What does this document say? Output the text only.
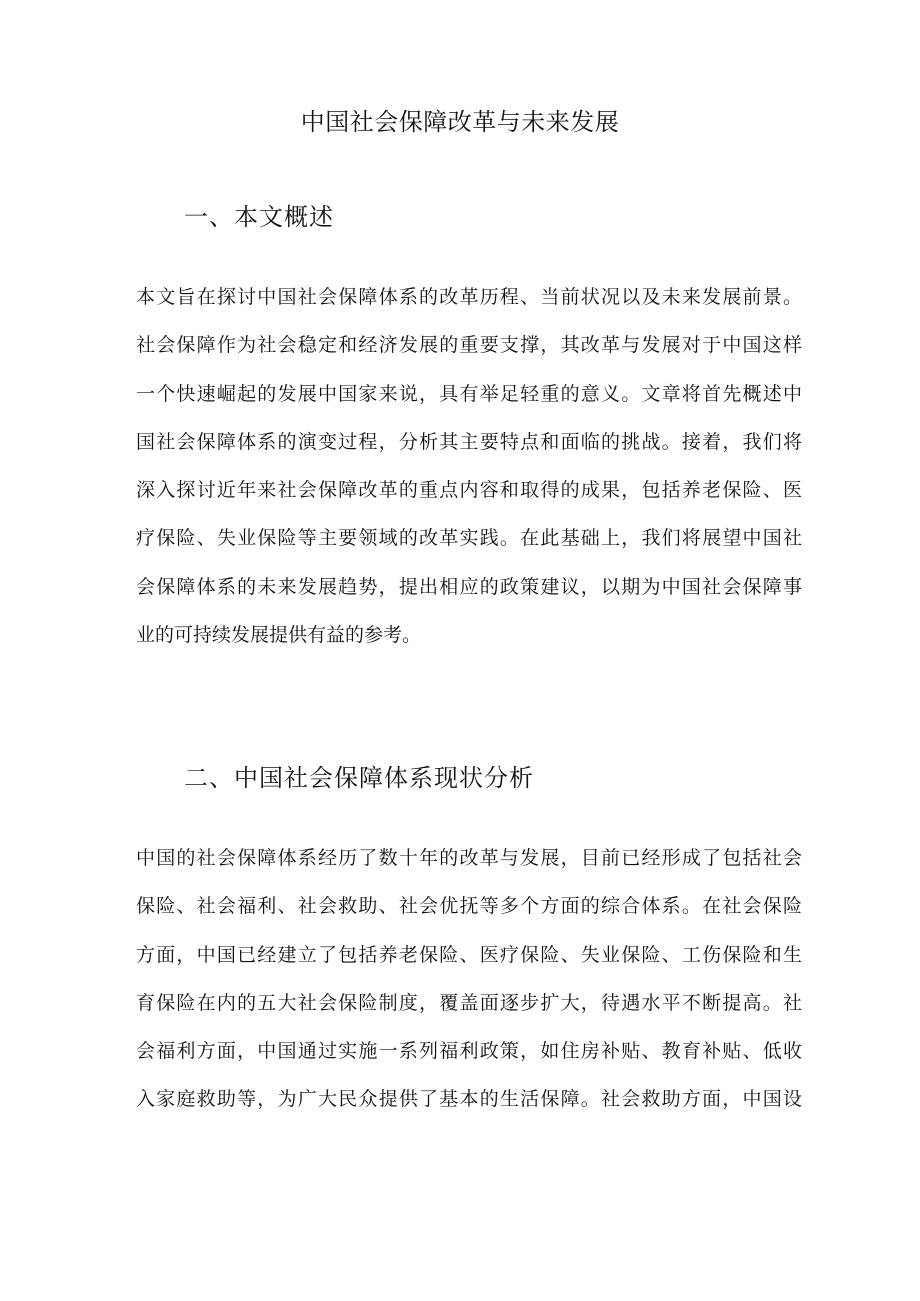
中国社会保障改革与未来发展
一、本文概述
本文旨在探讨中国社会保障体系的改革历程、当前状况以及未来发展前景。
社会保障作为社会稳定和经济发展的重要支撑，其改革与发展对于中国这样
一个快速崛起的发展中国家来说，具有举足轻重的意义。文章将首先概述中
国社会保障体系的演变过程，分析其主要特点和面临的挑战。接着，我们将
深入探讨近年来社会保障改革的重点内容和取得的成果，包括养老保险、医
疗保险、失业保险等主要领域的改革实践。在此基础上，我们将展望中国社
会保障体系的未来发展趋势，提出相应的政策建议，以期为中国社会保障事
业的可持续发展提供有益的参考。
二、中国社会保障体系现状分析
中国的社会保障体系经历了数十年的改革与发展，目前已经形成了包括社会
保险、社会福利、社会救助、社会优抚等多个方面的综合体系。在社会保险
方面，中国已经建立了包括养老保险、医疗保险、失业保险、工伤保险和生
育保险在内的五大社会保险制度，覆盖面逐步扩大，待遇水平不断提高。社
会福利方面，中国通过实施一系列福利政策，如住房补贴、教育补贴、低收
入家庭救助等，为广大民众提供了基本的生活保障。社会救助方面，中国设
